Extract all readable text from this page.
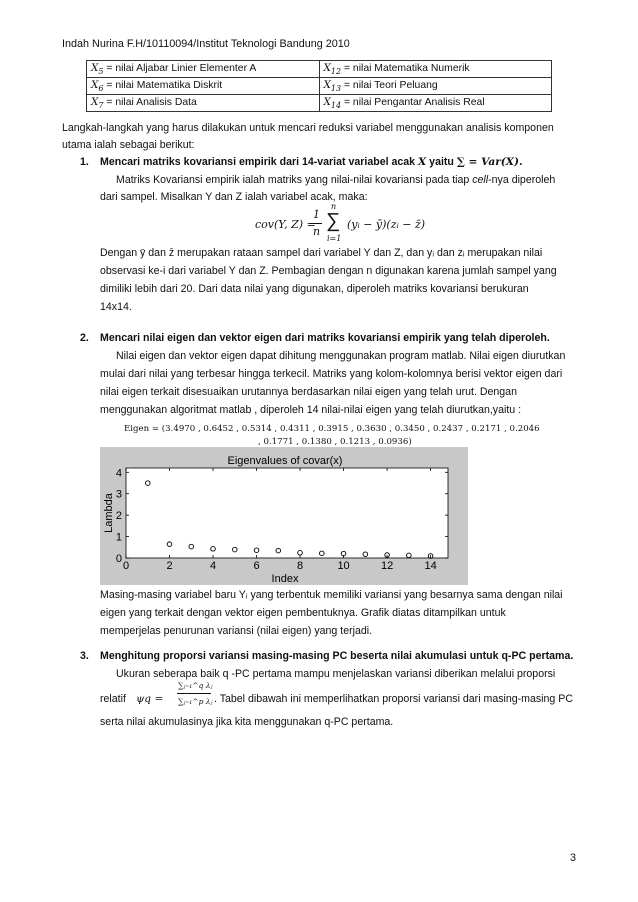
Indah Nurina F.H/10110094/Institut Teknologi Bandung 2010
$X_5$ = nilai Aljabar Linier Elementer A	$X_{12}$ = nilai Matematika Numerik
$X_6$ = nilai Matematika Diskrit	$X_{13}$ = nilai Teori Peluang
$X_7$ = nilai Analisis Data	$X_{14}$ = nilai Pengantar Analisis Real
Langkah-langkah yang harus dilakukan untuk mencari reduksi variabel menggunakan analisis komponen
utama ialah sebagai berikut:
1. Mencari matriks kovariansi empirik dari 14-variat variabel acak X yaitu ∑ = Var(X).
Matriks Kovariansi empirik ialah matriks yang nilai-nilai kovariansi pada tiap cell-nya diperoleh
dari sampel. Misalkan Y dan Z ialah variabel acak, maka:
cov(Y, Z) =
1
n
n
∑
i=1
(yᵢ − ȳ)(zᵢ − z̄)
Dengan ȳ dan z̄ merupakan rataan sampel dari variabel Y dan Z, dan yᵢ dan zᵢ merupakan nilai
observasi ke-i dari variabel Y dan Z. Pembagian dengan n digunakan karena jumlah sampel yang
dimiliki lebih dari 20. Dari data nilai yang digunakan, diperoleh matriks kovariansi berukuran
14x14.
2. Mencari nilai eigen dan vektor eigen dari matriks kovariansi empirik yang telah diperoleh.
Nilai eigen dan vektor eigen dapat dihitung menggunakan program matlab. Nilai eigen diurutkan
mulai dari nilai yang terbesar hingga terkecil. Matriks yang kolom-kolomnya berisi vektor eigen dari
nilai eigen terkait disesuaikan urutannya berdasarkan nilai eigen yang telah urut. Dengan
menggunakan algoritmat matlab , diperoleh 14 nilai-nilai eigen yang telah diurutkan,yaitu :
Eigen = (3.4970 , 0.6452 , 0.5314 , 0.4311 , 0.3915 , 0.3630 , 0.3450 , 0.2437 , 0.2171 , 0.2046
, 0.1771 , 0.1380 , 0.1213 , 0.0936)
Eigenvalues of covar(x)
0	2	4	6	8	10	12	14
0
1
2
3
4
Index
Lambda
Masing-masing variabel baru Yᵢ yang terbentuk memiliki variansi yang besarnya sama dengan nilai
eigen yang terkait dengan vektor eigen pembentuknya. Grafik diatas ditampilkan untuk
memperjelas penurunan variansi (nilai eigen) yang terjadi.
3. Menghitung proporsi variansi masing-masing PC beserta nilai akumulasi untuk q-PC pertama.
Ukuran seberapa baik q -PC pertama mampu menjelaskan variansi diberikan melalui proporsi
relatif ψq =
∑ⱼ₌₁^q λⱼ
∑ⱼ₌₁^p λⱼ . Tabel dibawah ini memperlihatkan proporsi variansi dari masing-masing PC
serta nilai akumulasinya jika kita menggunakan q-PC pertama.
3
